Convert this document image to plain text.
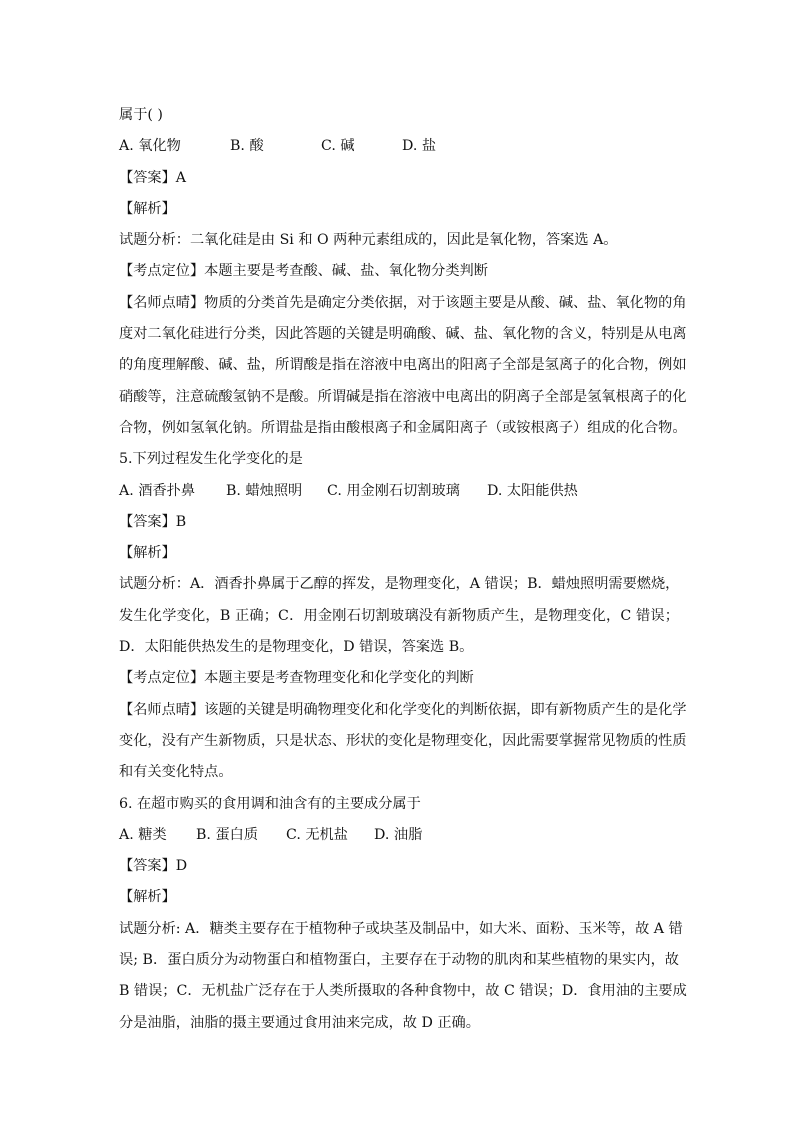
属于( )
A. 氧化物	B. 酸	C. 碱	D. 盐
【答案】A
【解析】
试题分析：二氧化硅是由 Si 和 O 两种元素组成的，因此是氧化物，答案选 A。
【考点定位】本题主要是考查酸、碱、盐、氧化物分类判断
【名师点晴】物质的分类首先是确定分类依据，对于该题主要是从酸、碱、盐、氧化物的角
度对二氧化硅进行分类，因此答题的关键是明确酸、碱、盐、氧化物的含义，特别是从电离
的角度理解酸、碱、盐，所谓酸是指在溶液中电离出的阳离子全部是氢离子的化合物，例如
硝酸等，注意硫酸氢钠不是酸。所谓碱是指在溶液中电离出的阴离子全部是氢氧根离子的化
合物，例如氢氧化钠。所谓盐是指由酸根离子和金属阳离子（或铵根离子）组成的化合物。
5.下列过程发生化学变化的是
A. 酒香扑鼻 B. 蜡烛照明 C. 用金刚石切割玻璃 D. 太阳能供热
【答案】B
【解析】
试题分析：A．酒香扑鼻属于乙醇的挥发，是物理变化，A 错误；B．蜡烛照明需要燃烧，
发生化学变化，B 正确；C．用金刚石切割玻璃没有新物质产生，是物理变化，C 错误；
D．太阳能供热发生的是物理变化，D 错误，答案选 B。
【考点定位】本题主要是考查物理变化和化学变化的判断
【名师点晴】该题的关键是明确物理变化和化学变化的判断依据，即有新物质产生的是化学
变化，没有产生新物质，只是状态、形状的变化是物理变化，因此需要掌握常见物质的性质
和有关变化特点。
6. 在超市购买的食用调和油含有的主要成分属于
A. 糖类 B. 蛋白质 C. 无机盐 D. 油脂
【答案】D
【解析】
试题分析: A．糖类主要存在于植物种子或块茎及制品中，如大米、面粉、玉米等，故 A 错
误; B．蛋白质分为动物蛋白和植物蛋白，主要存在于动物的肌肉和某些植物的果实内，故
B 错误；C．无机盐广泛存在于人类所摄取的各种食物中，故 C 错误；D．食用油的主要成
分是油脂，油脂的摄主要通过食用油来完成，故 D 正确。
